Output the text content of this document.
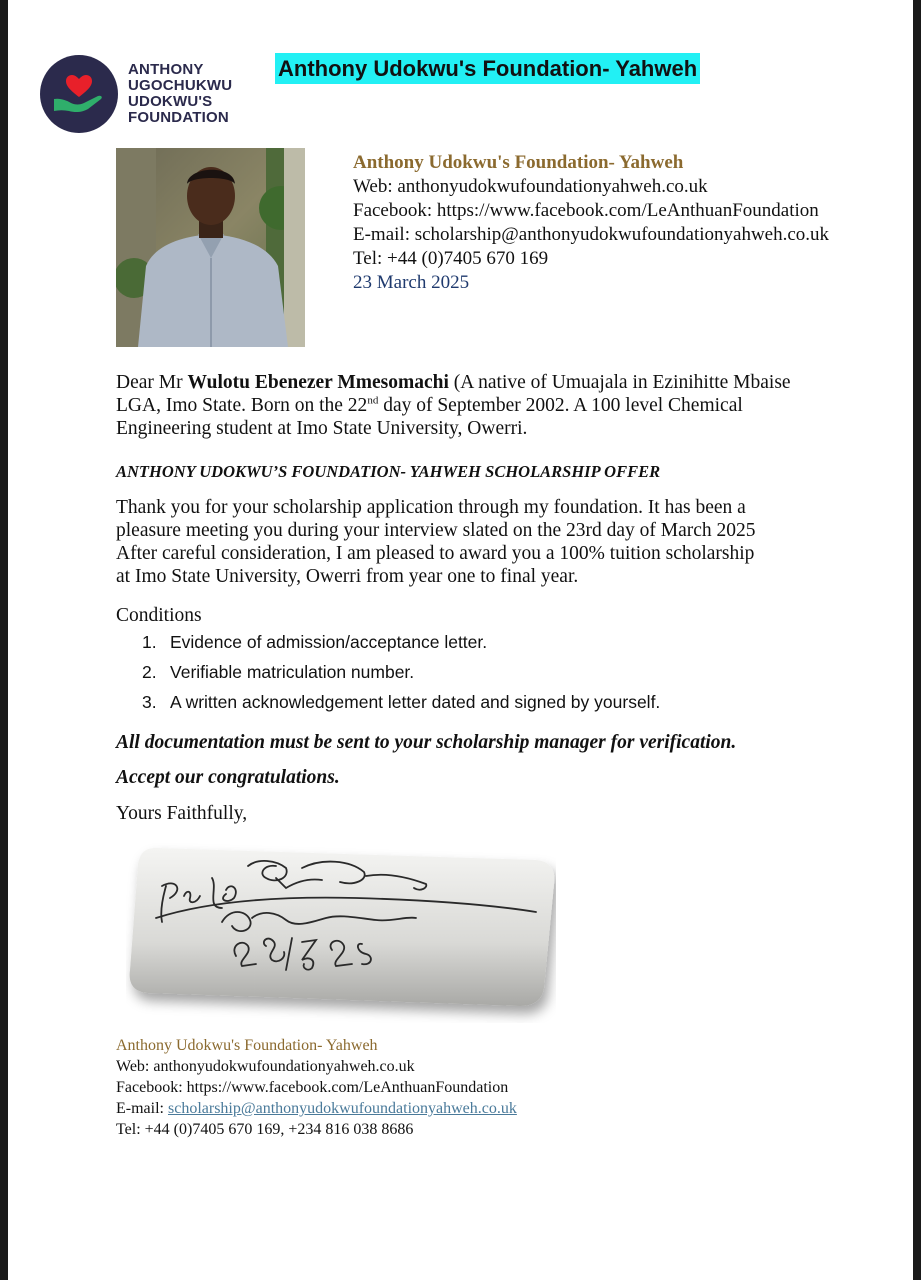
ANTHONY
UGOCHUKWU
UDOKWU'S
FOUNDATION
Anthony Udokwu's Foundation- Yahweh
Anthony Udokwu's Foundation- Yahweh
Web: anthonyudokwufoundationyahweh.co.uk
Facebook: https://www.facebook.com/LeAnthuanFoundation
E-mail: scholarship@anthonyudokwufoundationyahweh.co.uk
Tel: +44 (0)7405 670 169
23 March 2025
Dear Mr Wulotu Ebenezer Mmesomachi (A native of Umuajala in Ezinihitte Mbaise LGA, Imo State. Born on the 22nd day of September 2002. A 100 level Chemical Engineering student at Imo State University, Owerri.
ANTHONY UDOKWU’S FOUNDATION- YAHWEH SCHOLARSHIP OFFER
Thank you for your scholarship application through my foundation. It has been a
pleasure meeting you during your interview slated on the 23rd day of March 2025
After careful consideration, I am pleased to award you a 100% tuition scholarship
at Imo State University, Owerri from year one to final year.
Conditions
1. Evidence of admission/acceptance letter.
2. Verifiable matriculation number.
3. A written acknowledgement letter dated and signed by yourself.
All documentation must be sent to your scholarship manager for verification.
Accept our congratulations.
Yours Faithfully,
Anthony Udokwu's Foundation- Yahweh
Web: anthonyudokwufoundationyahweh.co.uk
Facebook: https://www.facebook.com/LeAnthuanFoundation
E-mail: scholarship@anthonyudokwufoundationyahweh.co.uk
Tel: +44 (0)7405 670 169, +234 816 038 8686
